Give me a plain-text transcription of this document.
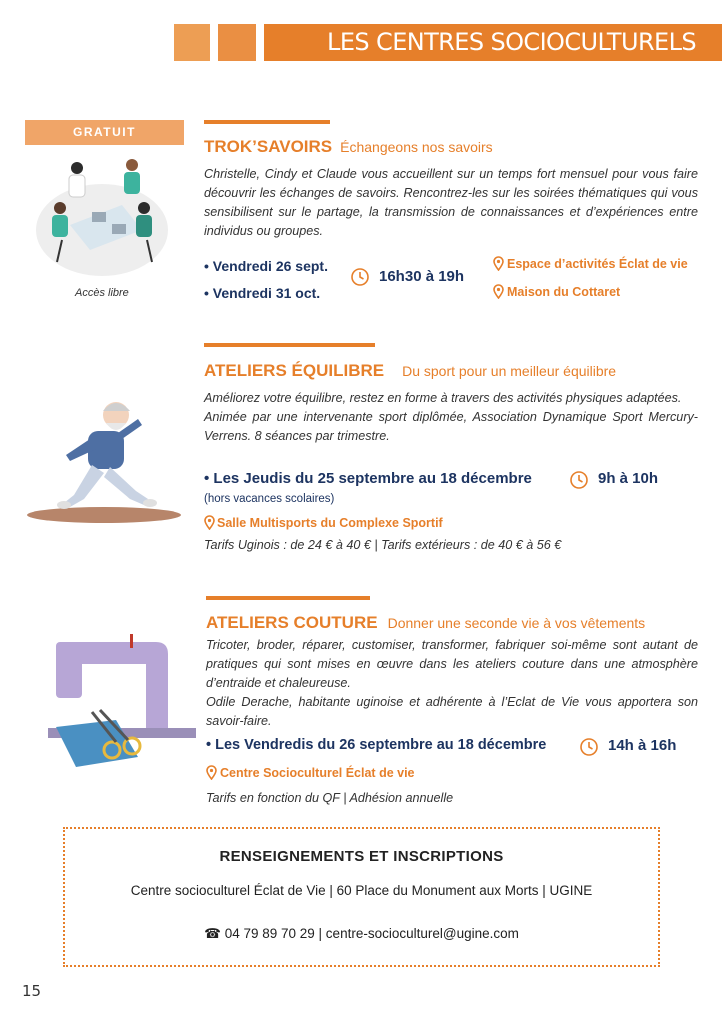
LES CENTRES SOCIOCULTURELS
GRATUIT
Accès libre
TROK’SAVOIRS Échangeons nos savoirs

Christelle, Cindy et Claude vous accueillent sur un temps fort mensuel pour vous faire découvrir les échanges de savoirs. Rencontrez-les sur les soirées thématiques qui vous sensibilisent sur le partage, la transmission de connaissances et d’expériences entre individus ou groupes.

• Vendredi 26 sept.
• Vendredi 31 oct.
16h30 à 19h
Espace d’activités Éclat de vie
Maison du Cottaret
ATELIERS ÉQUILIBRE Du sport pour un meilleur équilibre

Améliorez votre équilibre, restez en forme à travers des activités physiques adaptées.

Animée par une intervenante sport diplômée, Association Dynamique Sport Mercury-Verrens. 8 séances par trimestre.

• Les Jeudis du 25 septembre au 18 décembre	9h à 10h
(hors vacances scolaires)
Salle Multisports du Complexe Sportif
Tarifs Uginois : de 24 € à 40 € | Tarifs extérieurs : de 40 € à 56 €
ATELIERS COUTURE Donner une seconde vie à vos vêtements

Tricoter, broder, réparer, customiser, transformer, fabriquer soi-même sont autant de pratiques qui sont mises en œuvre dans les ateliers couture dans une atmosphère d’entraide et chaleureuse.

Odile Derache, habitante uginoise et adhérente à l’Eclat de Vie vous apportera son savoir-faire.

• Les Vendredis du 26 septembre au 18 décembre	14h à 16h
Centre Socioculturel Éclat de vie
Tarifs en fonction du QF | Adhésion annuelle
RENSEIGNEMENTS ET INSCRIPTIONS
Centre socioculturel Éclat de Vie | 60 Place du Monument aux Morts | UGINE
☎ 04 79 89 70 29 | centre-socioculturel@ugine.com
15
